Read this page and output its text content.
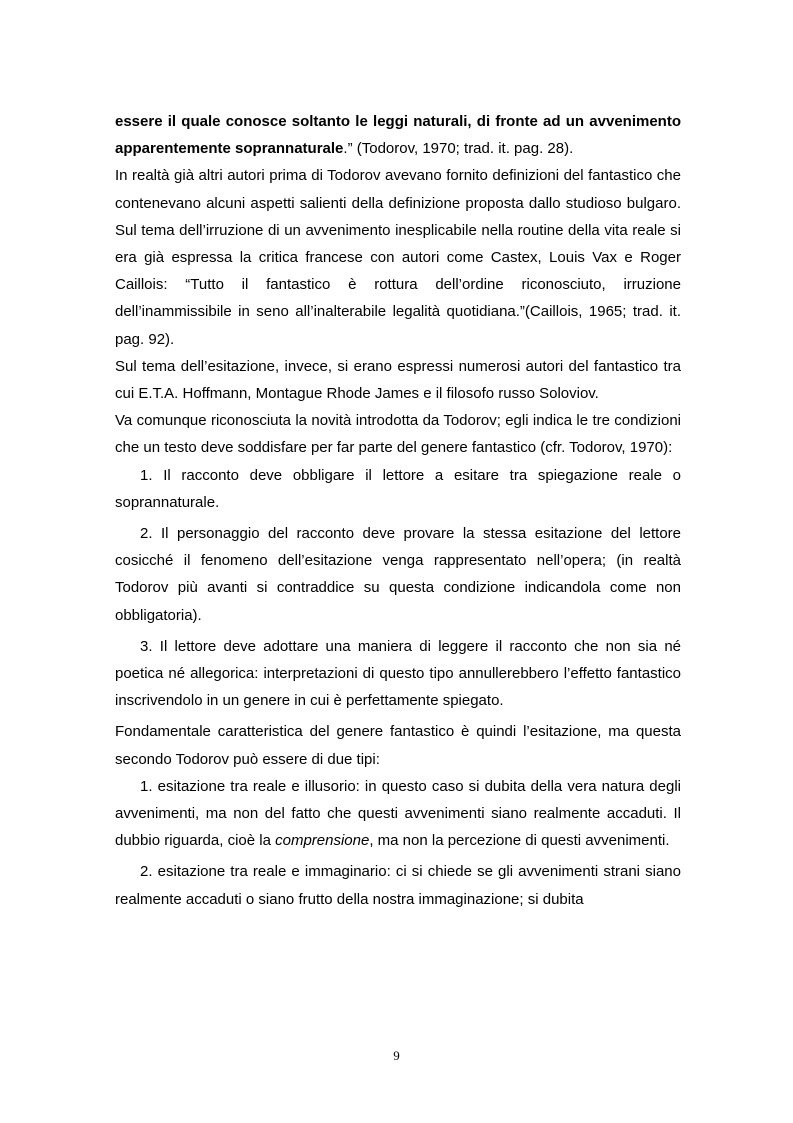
essere il quale conosce soltanto le leggi naturali, di fronte ad un avvenimento apparentemente soprannaturale.” (Todorov, 1970; trad. it. pag. 28).

In realtà già altri autori prima di Todorov avevano fornito definizioni del fantastico che contenevano alcuni aspetti salienti della definizione proposta dallo studioso bulgaro. Sul tema dell’irruzione di un avvenimento inesplicabile nella routine della vita reale si era già espressa la critica francese con autori come Castex, Louis Vax e Roger Caillois: “Tutto il fantastico è rottura dell’ordine riconosciuto, irruzione dell’inammissibile in seno all’inalterabile legalità quotidiana.”(Caillois, 1965; trad. it. pag. 92).

Sul tema dell’esitazione, invece, si erano espressi numerosi autori del fantastico tra cui E.T.A. Hoffmann, Montague Rhode James e il filosofo russo Soloviov.

Va comunque riconosciuta la novità introdotta da Todorov; egli indica le tre condizioni che un testo deve soddisfare per far parte del genere fantastico (cfr. Todorov, 1970):

1. Il racconto deve obbligare il lettore a esitare tra spiegazione reale o soprannaturale.

2. Il personaggio del racconto deve provare la stessa esitazione del lettore cosicché il fenomeno dell’esitazione venga rappresentato nell’opera; (in realtà Todorov più avanti si contraddice su questa condizione indicandola come non obbligatoria).

3. Il lettore deve adottare una maniera di leggere il racconto che non sia né poetica né allegorica: interpretazioni di questo tipo annullerebbero l’effetto fantastico inscrivendolo in un genere in cui è perfettamente spiegato.

Fondamentale caratteristica del genere fantastico è quindi l’esitazione, ma questa secondo Todorov può essere di due tipi:

1. esitazione tra reale e illusorio: in questo caso si dubita della vera natura degli avvenimenti, ma non del fatto che questi avvenimenti siano realmente accaduti. Il dubbio riguarda, cioè la comprensione, ma non la percezione di questi avvenimenti.

2. esitazione tra reale e immaginario: ci si chiede se gli avvenimenti strani siano realmente accaduti o siano frutto della nostra immaginazione; si dubita

9
